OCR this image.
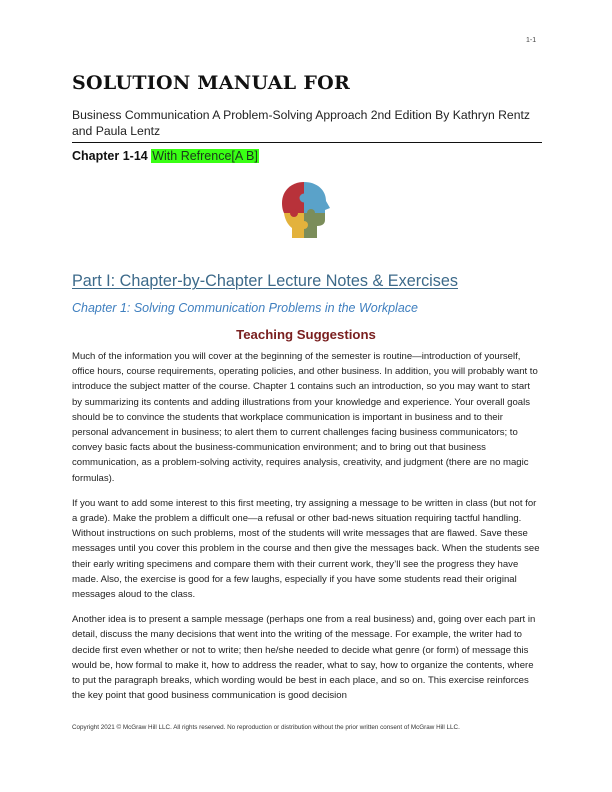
1-1
SOLUTION MANUAL FOR
Business Communication A Problem-Solving Approach 2nd Edition By Kathryn Rentz and Paula Lentz
Chapter 1-14 With Refrence[A B]
Part I: Chapter-by-Chapter Lecture Notes & Exercises
Chapter 1: Solving Communication Problems in the Workplace
Teaching Suggestions

Much of the information you will cover at the beginning of the semester is routine—introduction of yourself, office hours, course requirements, operating policies, and other business. In addition, you will probably want to introduce the subject matter of the course. Chapter 1 contains such an introduction, so you may want to start by summarizing its contents and adding illustrations from your knowledge and experience. Your overall goals should be to convince the students that workplace communication is important in business and to their personal advancement in business; to alert them to current challenges facing business communicators; to convey basic facts about the business-communication environment; and to bring out that business communication, as a problem-solving activity, requires analysis, creativity, and judgment (there are no magic formulas).

If you want to add some interest to this first meeting, try assigning a message to be written in class (but not for a grade). Make the problem a difficult one—a refusal or other bad-news situation requiring tactful handling. Without instructions on such problems, most of the students will write messages that are flawed. Save these messages until you cover this problem in the course and then give the messages back. When the students see their early writing specimens and compare them with their current work, they’ll see the progress they have made. Also, the exercise is good for a few laughs, especially if you have some students read their original messages aloud to the class.

Another idea is to present a sample message (perhaps one from a real business) and, going over each part in detail, discuss the many decisions that went into the writing of the message. For example, the writer had to decide first even whether or not to write; then he/she needed to decide what genre (or form) of message this would be, how formal to make it, how to address the reader, what to say, how to organize the contents, where to put the paragraph breaks, which wording would be best in each place, and so on. This exercise reinforces the key point that good business communication is good decision

Copyright 2021 © McGraw Hill LLC. All rights reserved. No reproduction or distribution without the prior written consent of McGraw Hill LLC.
